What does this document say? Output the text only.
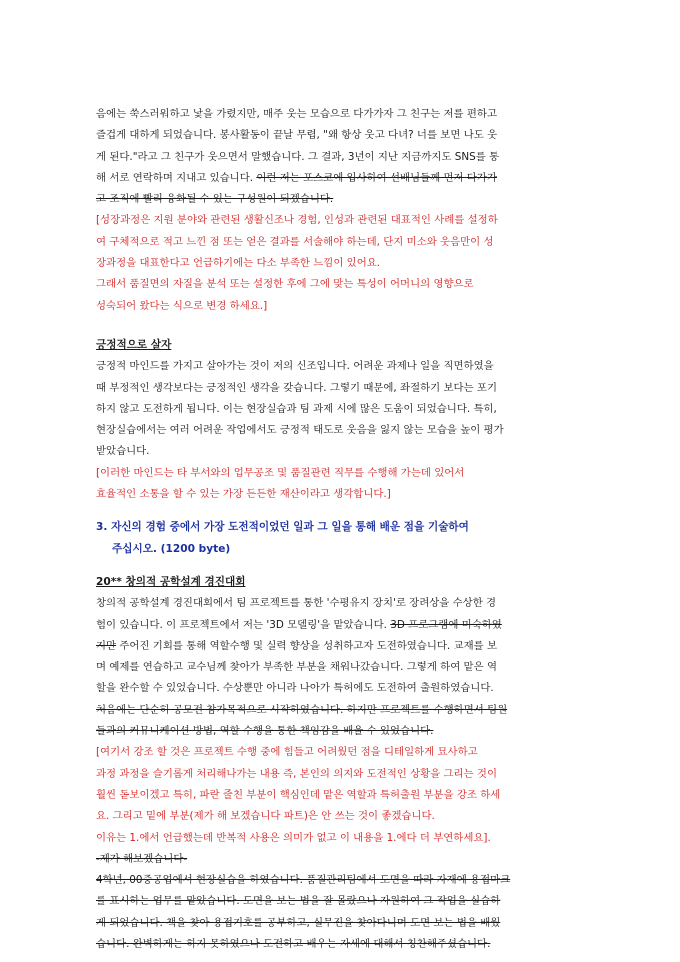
음에는 쑥스러워하고 낯을 가렸지만, 매주 웃는 모습으로 다가가자 그 친구는 저를 편하고

즐겁게 대하게 되었습니다. 봉사활동이 끝날 무렵, "왜 항상 웃고 다녀? 너를 보면 나도 웃

게 된다."라고 그 친구가 웃으면서 말했습니다. 그 결과, 3년이 지난 지금까지도 SNS를 통

해 서로 연락하며 지내고 있습니다. 이런 저는 포스코에 입사하여 선배님들께 먼저 다가가

고 조직에 빨리 융화될 수 있는 구성원이 되겠습니다.

[성장과정은 지원 분야와 관련된 생활신조나 경험, 인성과 관련된 대표적인 사례를 설정하

여 구체적으로 적고 느낀 점 또는 얻은 결과를 서술해야 하는데, 단지 미소와 웃음만이 성

장과정을 대표한다고 언급하기에는 다소 부족한 느낌이 있어요.

그래서 품질면의 자질을 분석 또는 설정한 후에 그에 맞는 특성이 어머니의 영향으로

성숙되어 왔다는 식으로 변경 하세요.]

긍정적으로 살자

긍정적 마인드를 가지고 살아가는 것이 저의 신조입니다. 어려운 과제나 일을 직면하였을

때 부정적인 생각보다는 긍정적인 생각을 갖습니다. 그렇기 때문에, 좌절하기 보다는 포기

하지 않고 도전하게 됩니다. 이는 현장실습과 팀 과제 시에 많은 도움이 되었습니다. 특히,

현장실습에서는 여러 어려운 작업에서도 긍정적 태도로 웃음을 잃지 않는 모습을 높이 평가

받았습니다.

[이러한 마인드는 타 부서와의 업무공조 및 품질관련 직무를 수행해 가는데 있어서

효율적인 소통을 할 수 있는 가장 든든한 재산이라고 생각합니다.]

3. 자신의 경험 중에서 가장 도전적이었던 일과 그 일을 통해 배운 점을 기술하여

주십시오. (1200 byte)

20** 창의적 공학설계 경진대회

창의적 공학설계 경진대회에서 팀 프로젝트를 통한 '수평유지 장치'로 장려상을 수상한 경

험이 있습니다. 이 프로젝트에서 저는 '3D 모델링'을 맡았습니다. 3D 프로그램에 미숙하였

지만 주어진 기회를 통해 역할수행 및 실력 향상을 성취하고자 도전하였습니다. 교재를 보

며 예제를 연습하고 교수님께 찾아가 부족한 부분을 채워나갔습니다. 그렇게 하여 맡은 역

할을 완수할 수 있었습니다. 수상뿐만 아니라 나아가 특허에도 도전하여 출원하였습니다.

처음에는 단순히 공모전 참가목적으로 시작하였습니다. 하지만 프로젝트를 수행하면서 팀원

들과의 커뮤니케이션 방법, 역할 수행을 통한 책임감을 배울 수 있었습니다.

[여기서 강조 할 것은 프로젝트 수행 중에 힘들고 어려웠던 점을 디테일하게 묘사하고

과정 과정을 슬기롭게 처리해나가는 내용 즉, 본인의 의지와 도전적인 상황을 그리는 것이

훨씬 돋보이겠고 특히, 파란 줄친 부분이 핵심인데 맡은 역할과 특허출원 부분을 강조 하세

요. 그리고 밑에 부분(제가 해 보겠습니다 파트)은 안 쓰는 것이 좋겠습니다.

이유는 1.에서 언급했는데 반복적 사용은 의미가 없고 이 내용을 1.에다 더 부연하세요].

-제가 해보겠습니다-

4학년, 00중공업에서 현장실습을 하였습니다. 품질관리팀에서 도면을 따라 자재에 용접마크

를 표시하는 업무를 맡았습니다. 도면을 보는 법을 잘 몰랐으나 자원하여 그 작업을 실습하

게 되었습니다. 책을 찾아 용접기호를 공부하고, 실무진을 찾아다니며 도면 보는 법을 배웠

습니다. 완벽하게는 하지 못하였으나 도전하고 배우는 자세에 대해서 칭찬해주셨습니다.
